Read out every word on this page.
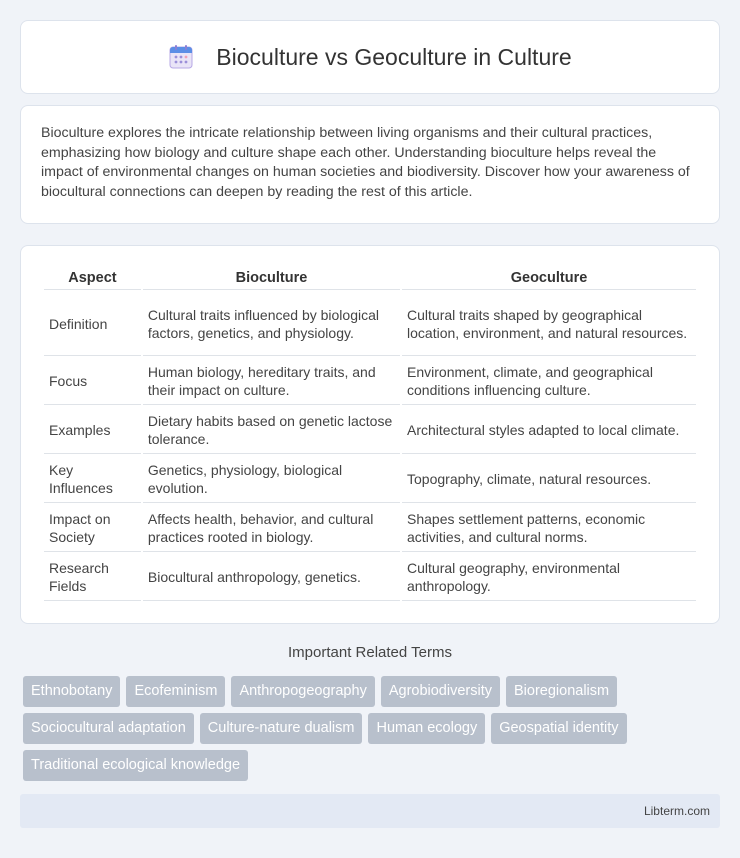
Bioculture vs Geoculture in Culture

Bioculture explores the intricate relationship between living organisms and their cultural practices, emphasizing how biology and culture shape each other. Understanding bioculture helps reveal the impact of environmental changes on human societies and biodiversity. Discover how your awareness of biocultural connections can deepen by reading the rest of this article.

Aspect	Bioculture	Geoculture
Definition	Cultural traits influenced by biological factors, genetics, and physiology.	Cultural traits shaped by geographical location, environment, and natural resources.
Focus	Human biology, hereditary traits, and their impact on culture.	Environment, climate, and geographical conditions influencing culture.
Examples	Dietary habits based on genetic lactose tolerance.	Architectural styles adapted to local climate.
Key Influences	Genetics, physiology, biological evolution.	Topography, climate, natural resources.
Impact on Society	Affects health, behavior, and cultural practices rooted in biology.	Shapes settlement patterns, economic activities, and cultural norms.
Research Fields	Biocultural anthropology, genetics.	Cultural geography, environmental anthropology.
Important Related Terms
Ethnobotany	Ecofeminism	Anthropogeography	Agrobiodiversity	Bioregionalism
Sociocultural adaptation	Culture-nature dualism	Human ecology	Geospatial identity
Traditional ecological knowledge
Libterm.com
